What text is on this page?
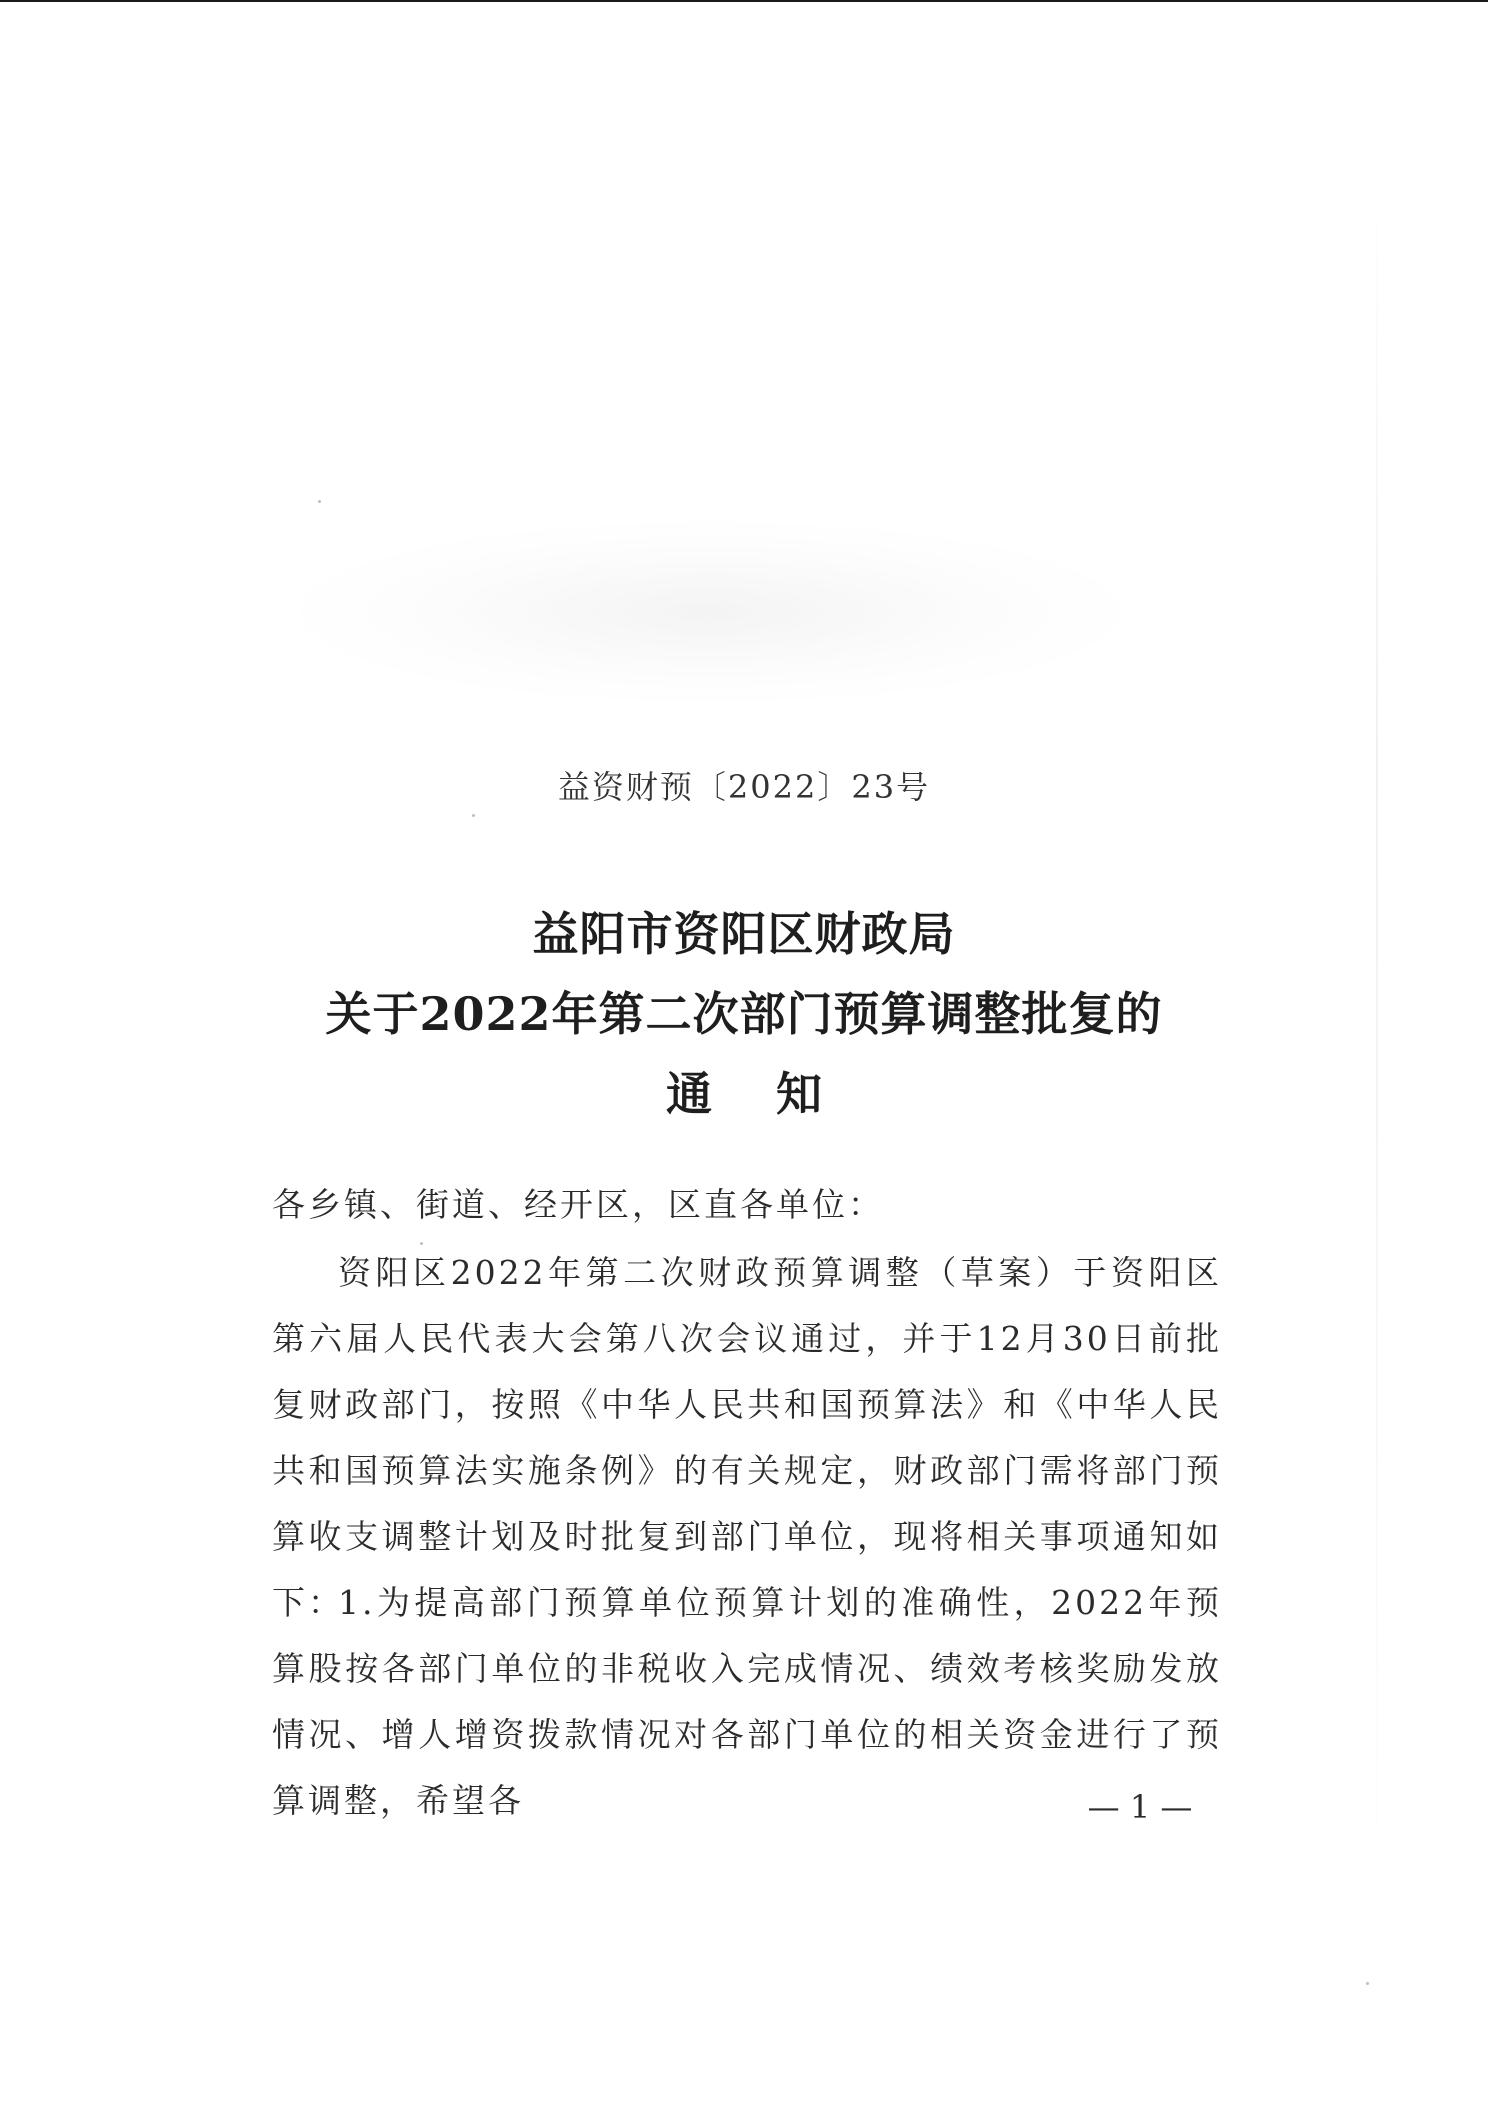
益资财预〔2022〕23号
益阳市资阳区财政局
关于2022年第二次部门预算调整批复的
通知
各乡镇、街道、经开区，区直各单位：
资阳区2022年第二次财政预算调整（草案）于资阳区第六届人民代表大会第八次会议通过，并于12月30日前批复财政部门，按照《中华人民共和国预算法》和《中华人民共和国预算法实施条例》的有关规定，财政部门需将部门预算收支调整计划及时批复到部门单位，现将相关事项通知如下：
1.为提高部门预算单位预算计划的准确性，2022年预算股按各部门单位的非税收入完成情况、绩效考核奖励发放情况、增人增资拨款情况对各部门单位的相关资金进行了预算调整，希望各	— 1 —
